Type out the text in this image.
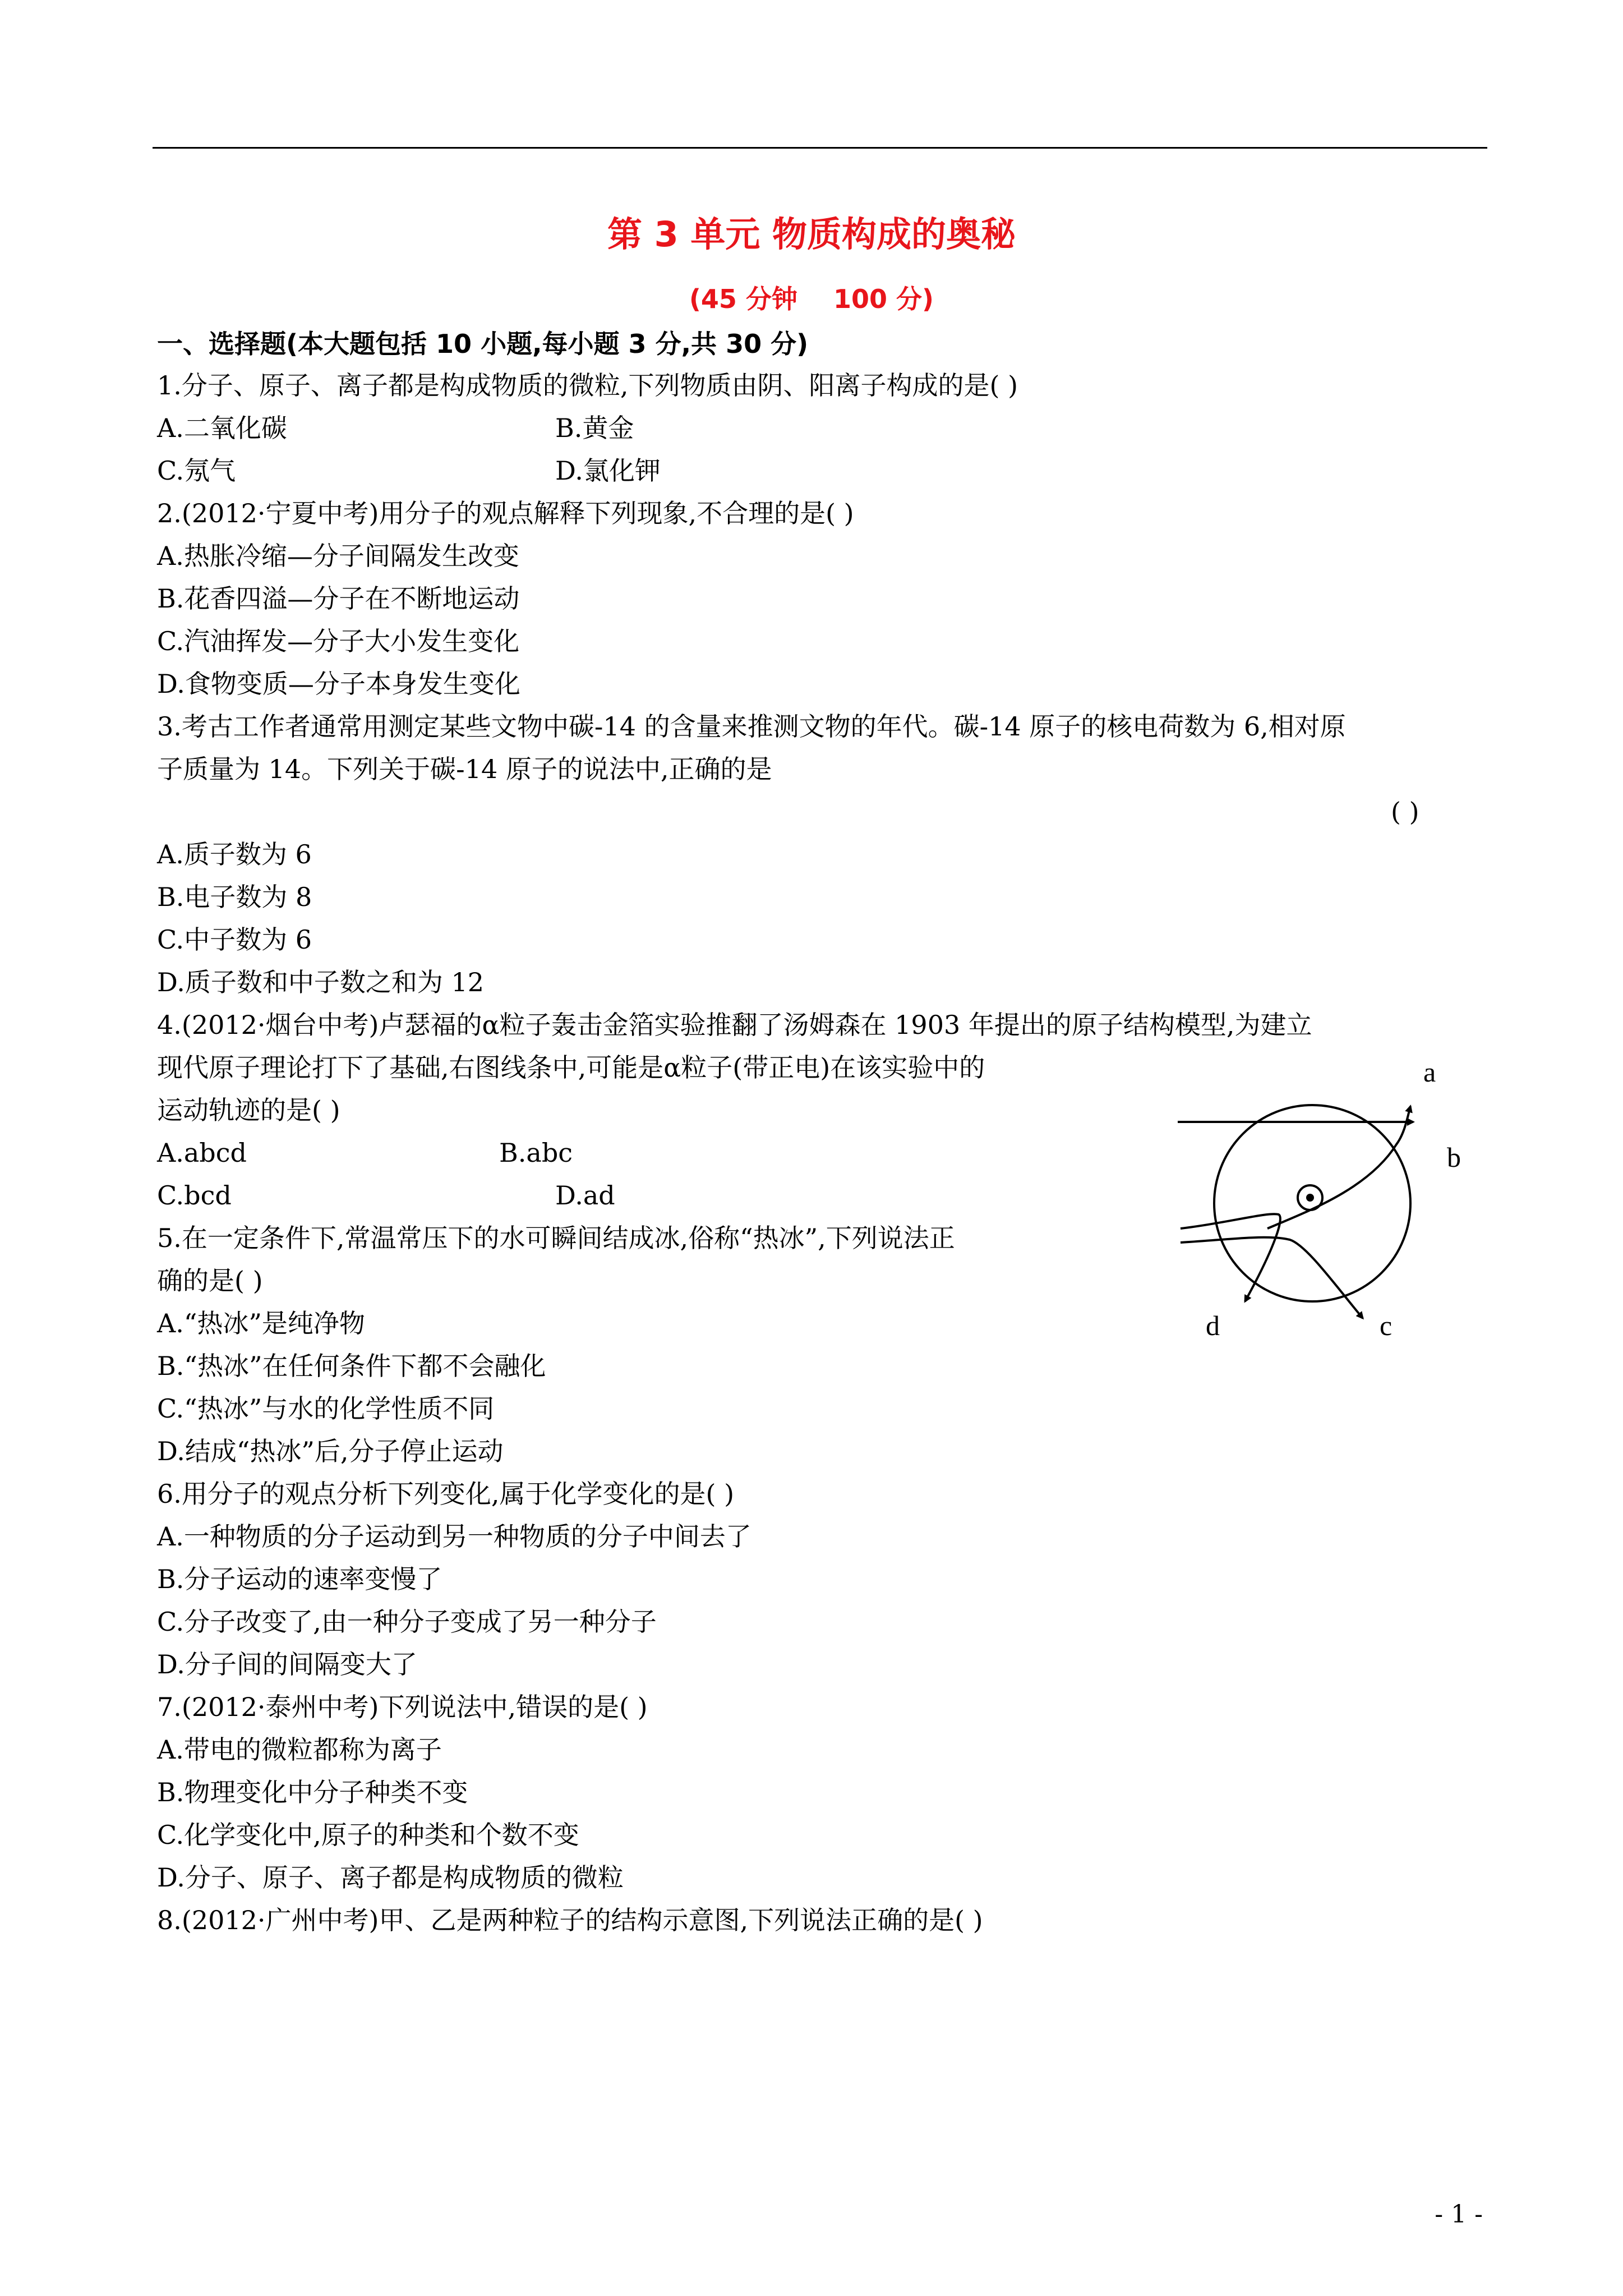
第 3 单元 物质构成的奥秘
(45 分钟    100 分)
一、选择题(本大题包括 10 小题,每小题 3 分,共 30 分)
1.分子、原子、离子都是构成物质的微粒,下列物质由阴、阳离子构成的是( )
A.二氧化碳	B.黄金
C.氖气	D.氯化钾
2.(2012·宁夏中考)用分子的观点解释下列现象,不合理的是( )
A.热胀冷缩—分子间隔发生改变
B.花香四溢—分子在不断地运动
C.汽油挥发—分子大小发生变化
D.食物变质—分子本身发生变化
3.考古工作者通常用测定某些文物中碳-14 的含量来推测文物的年代。碳-14 原子的核电荷数为 6,相对原
子质量为 14。下列关于碳-14 原子的说法中,正确的是
( )
A.质子数为 6
B.电子数为 8
C.中子数为 6
D.质子数和中子数之和为 12
4.(2012·烟台中考)卢瑟福的α粒子轰击金箔实验推翻了汤姆森在 1903 年提出的原子结构模型,为建立
现代原子理论打下了基础,右图线条中,可能是α粒子(带正电)在该实验中的
运动轨迹的是( )
A.abcd	B.abc
C.bcd	D.ad
5.在一定条件下,常温常压下的水可瞬间结成冰,俗称“热冰”,下列说法正
确的是( )
A.“热冰”是纯净物
B.“热冰”在任何条件下都不会融化
C.“热冰”与水的化学性质不同
D.结成“热冰”后,分子停止运动
6.用分子的观点分析下列变化,属于化学变化的是( )
A.一种物质的分子运动到另一种物质的分子中间去了
B.分子运动的速率变慢了
C.分子改变了,由一种分子变成了另一种分子
D.分子间的间隔变大了
7.(2012·泰州中考)下列说法中,错误的是( )
A.带电的微粒都称为离子
B.物理变化中分子种类不变
C.化学变化中,原子的种类和个数不变
D.分子、原子、离子都是构成物质的微粒
8.(2012·广州中考)甲、乙是两种粒子的结构示意图,下列说法正确的是( )
a
b
d	c
- 1 -
